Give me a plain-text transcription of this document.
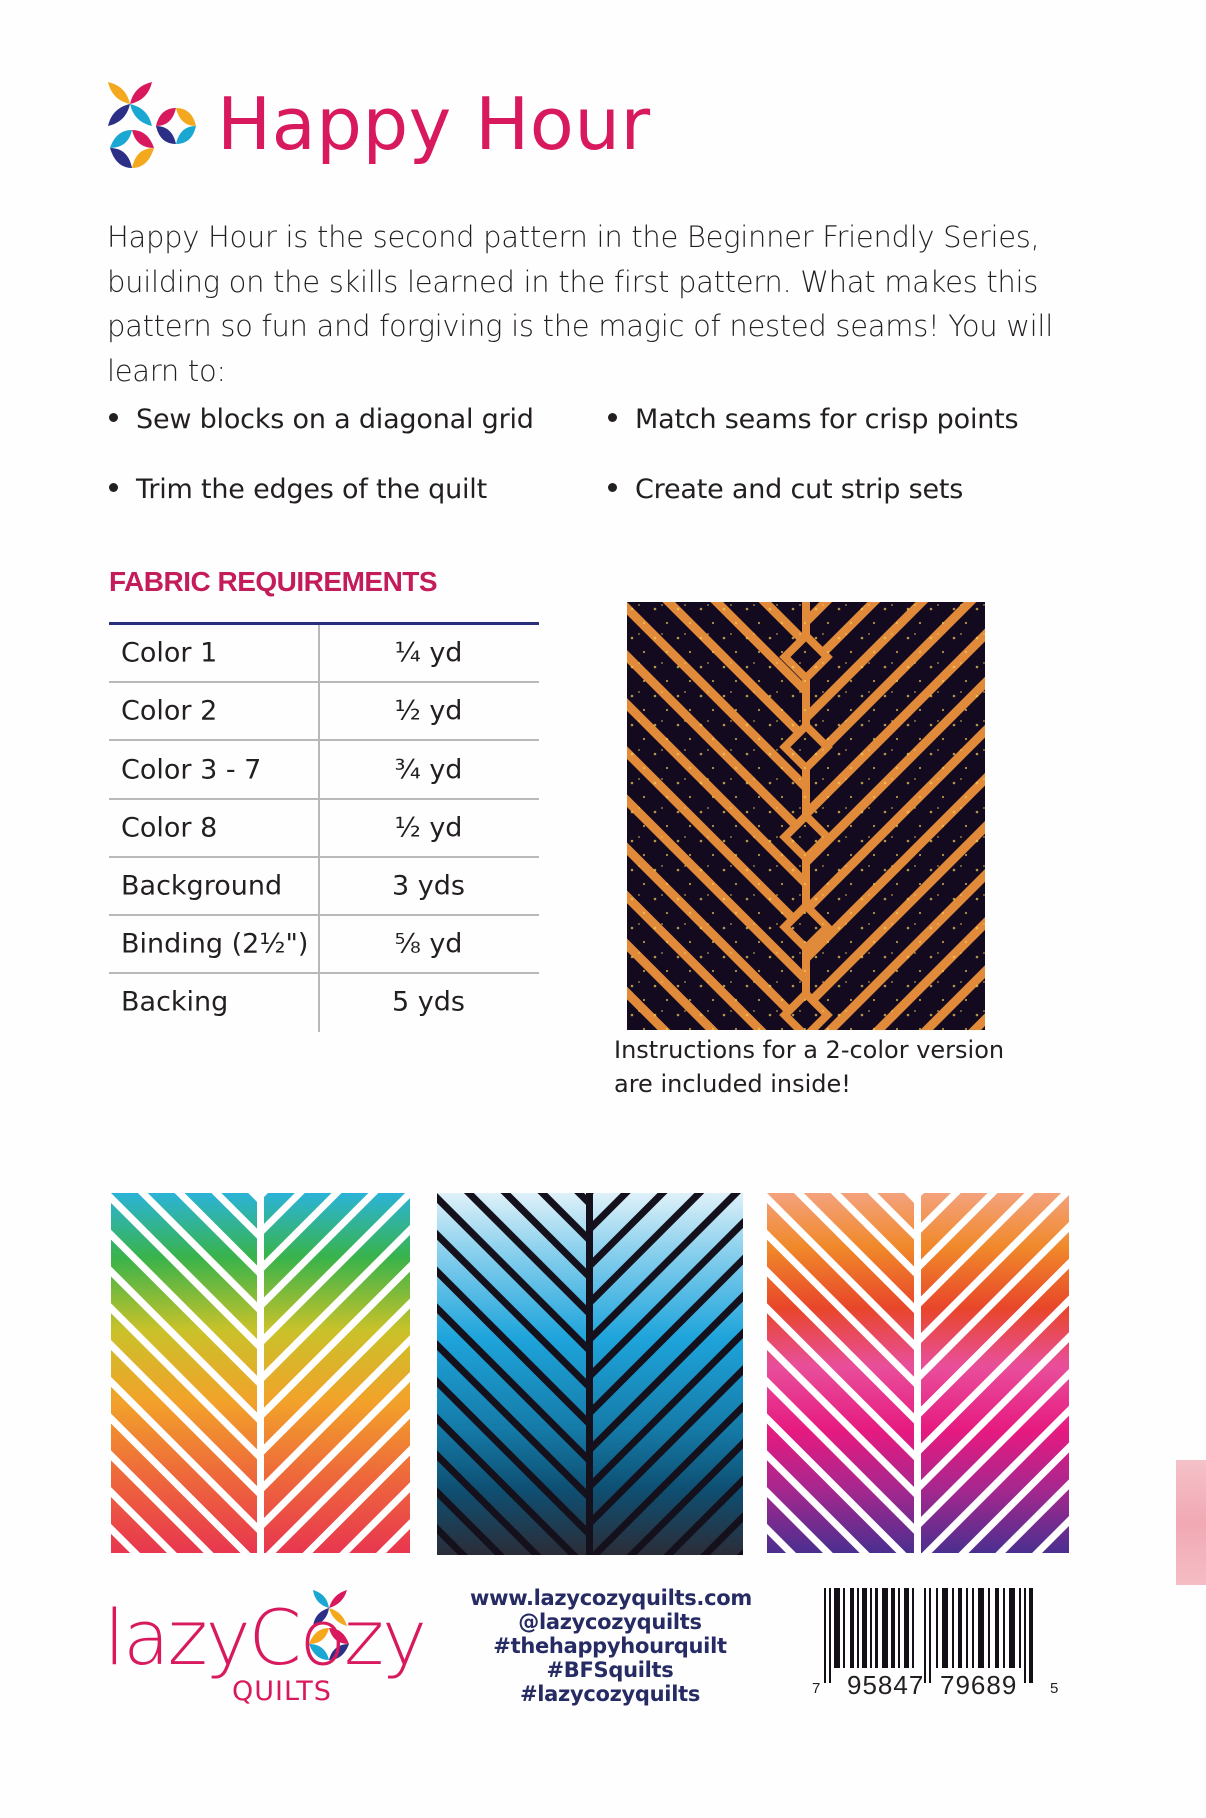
Happy Hour

Happy Hour is the second pattern in the Beginner Friendly Series, building on the skills learned in the first pattern. What makes this pattern so fun and forgiving is the magic of nested seams! You will learn to:

Sew blocks on a diagonal grid	Match seams for crisp points
Trim the edges of the quilt	Create and cut strip sets
FABRIC REQUIREMENTS
Color 1	¼ yd
Color 2	½ yd
Color 3 - 7	¾ yd
Color 8	½ yd
Background	3 yds
Binding (2½")	⅝ yd
Backing	5 yds
Instructions for a 2-color version
are included inside!
lazyCozy
QUILTS
www.lazycozyquilts.com
@lazycozyquilts
#thehappyhourquilt
#BFSquilts
#lazycozyquilts	7 95847 79689 5
